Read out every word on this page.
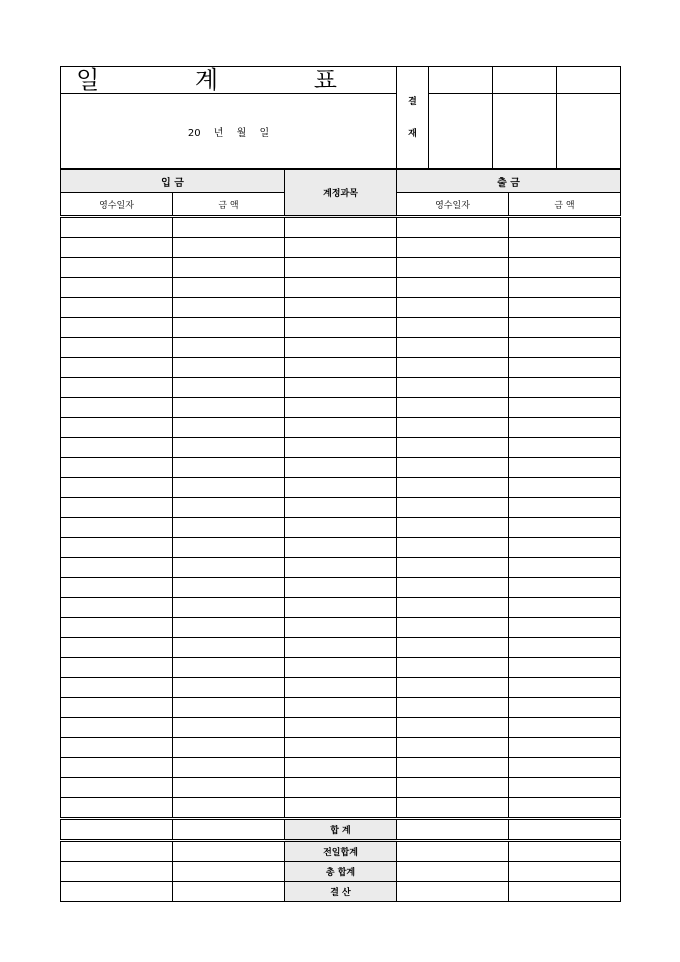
일 계 표	결
재			

20 년 월 일				
입 금		계정과목	출 금	
영수일자	금 액		영수일자	금 액

		합 계		
		전일합계		
		총 합계		
		결 산		
